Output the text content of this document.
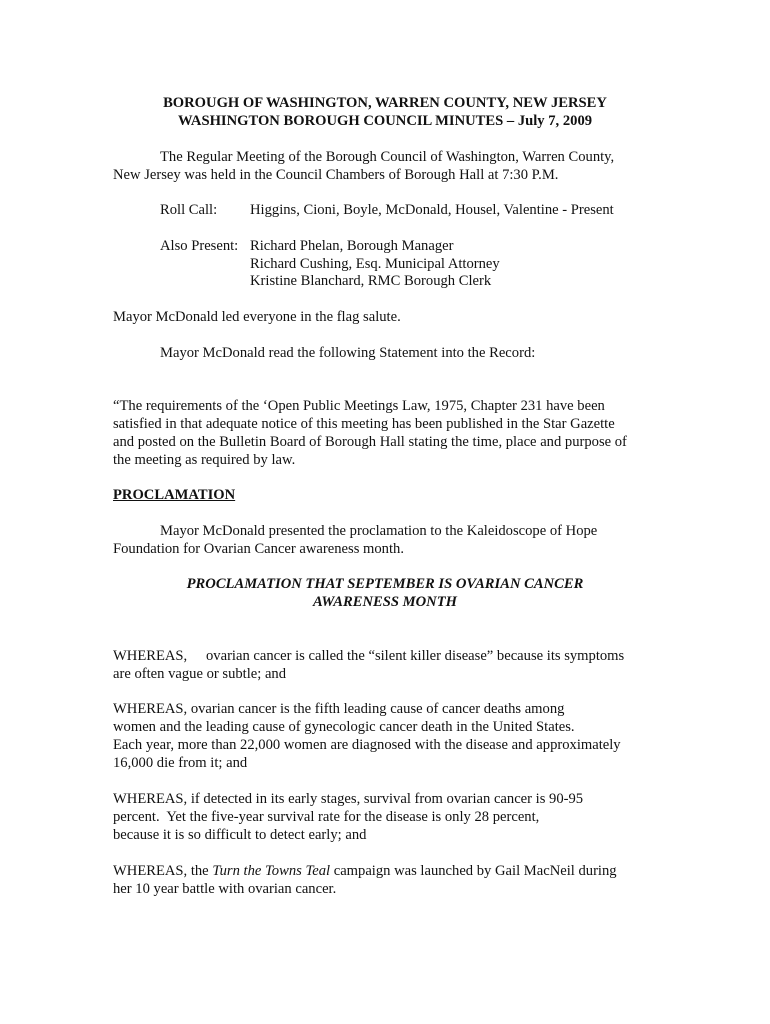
BOROUGH OF WASHINGTON, WARREN COUNTY, NEW JERSEY
WASHINGTON BOROUGH COUNCIL MINUTES – July 7, 2009
The Regular Meeting of the Borough Council of Washington, Warren County,
New Jersey was held in the Council Chambers of Borough Hall at 7:30 P.M.
Roll Call: Higgins, Cioni, Boyle, McDonald, Housel, Valentine - Present
Also Present: Richard Phelan, Borough Manager
Richard Cushing, Esq. Municipal Attorney
Kristine Blanchard, RMC Borough Clerk
Mayor McDonald led everyone in the flag salute.
Mayor McDonald read the following Statement into the Record:
“The requirements of the ‘Open Public Meetings Law, 1975, Chapter 231 have been
satisfied in that adequate notice of this meeting has been published in the Star Gazette
and posted on the Bulletin Board of Borough Hall stating the time, place and purpose of
the meeting as required by law.
PROCLAMATION
Mayor McDonald presented the proclamation to the Kaleidoscope of Hope
Foundation for Ovarian Cancer awareness month.
PROCLAMATION THAT SEPTEMBER IS OVARIAN CANCER
AWARENESS MONTH
WHEREAS, ovarian cancer is called the “silent killer disease” because its symptoms
are often vague or subtle; and
WHEREAS, ovarian cancer is the fifth leading cause of cancer deaths among
women and the leading cause of gynecologic cancer death in the United States.
Each year, more than 22,000 women are diagnosed with the disease and approximately
16,000 die from it; and
WHEREAS, if detected in its early stages, survival from ovarian cancer is 90-95
percent.  Yet the five-year survival rate for the disease is only 28 percent,
because it is so difficult to detect early; and
WHEREAS, the Turn the Towns Teal campaign was launched by Gail MacNeil during
her 10 year battle with ovarian cancer.
